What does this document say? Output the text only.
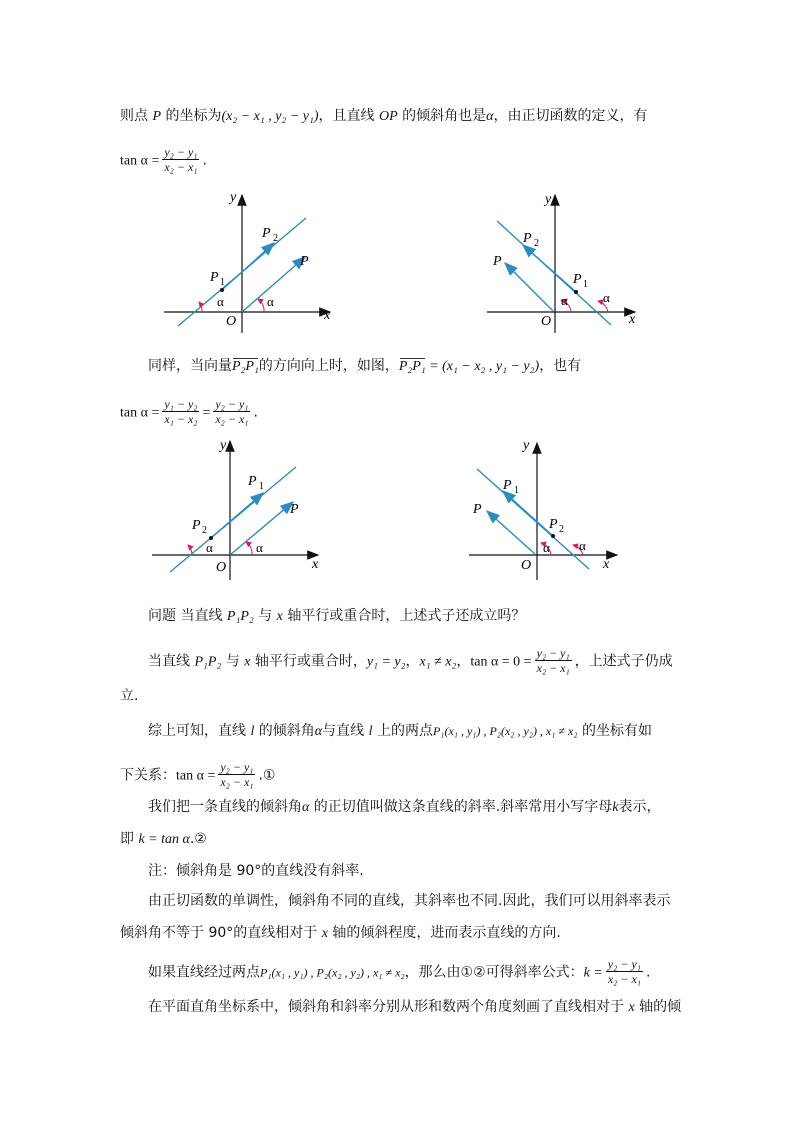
则点 P 的坐标为(x₂ − x₁ , y₂ − y₁)，且直线 OP 的倾斜角也是α，由正切函数的定义，有
$\tan \alpha = \frac{\text{y₂ − y₁}}{\text{x₂ − x₁}}$ .
x
y
O
α	α
P 2
P 1
P
x
y
O
α	α
P 2
P 1
P
同样，当向量P₂P₁的方向向上时，如图，P₂P₁ = (x₁ − x₂ , y₁ − y₂)，也有
$\tan \alpha = \frac{\text{y₁ − y₂}}{\text{x₁ − x₂}} = \frac{\text{y₂ − y₁}}{\text{x₂ − x₁}}$ .
x
y
O
α	α
P 1
P 2
P
x
y
O
α α
P 1
P 2
P
问题 当直线 P₁P₂ 与 x 轴平行或重合时，上述式子还成立吗？
当直线 P₁P₂ 与 x 轴平行或重合时，y₁ = y₂，x₁ ≠ x₂，$\tan \alpha = 0 = \frac{\text{y₂ − y₁}}{\text{x₂ − x₁}}$ ，上述式子仍成
立.
综上可知，直线 l 的倾斜角α与直线 l 上的两点P₁(x₁ , y₁) , P₂(x₂ , y₂) , x₁ ≠ x₂ 的坐标有如
下关系：$\tan \alpha = \frac{\text{y₂ − y₁}}{\text{x₂ − x₁}}$ .①
我们把一条直线的倾斜角α 的正切值叫做这条直线的斜率.斜率常用小写字母k表示，
即 k = tan α.②
注：倾斜角是 90°的直线没有斜率.
由正切函数的单调性，倾斜角不同的直线，其斜率也不同.因此，我们可以用斜率表示
倾斜角不等于 90°的直线相对于 x 轴的倾斜程度，进而表示直线的方向.
如果直线经过两点P₁(x₁ , y₁) , P₂(x₂ , y₂) , x₁ ≠ x₂，那么由①②可得斜率公式：$k = \frac{\text{y₂ − y₁}}{\text{x₂ − x₁}}$ .
在平面直角坐标系中，倾斜角和斜率分别从形和数两个角度刻画了直线相对于 x 轴的倾
